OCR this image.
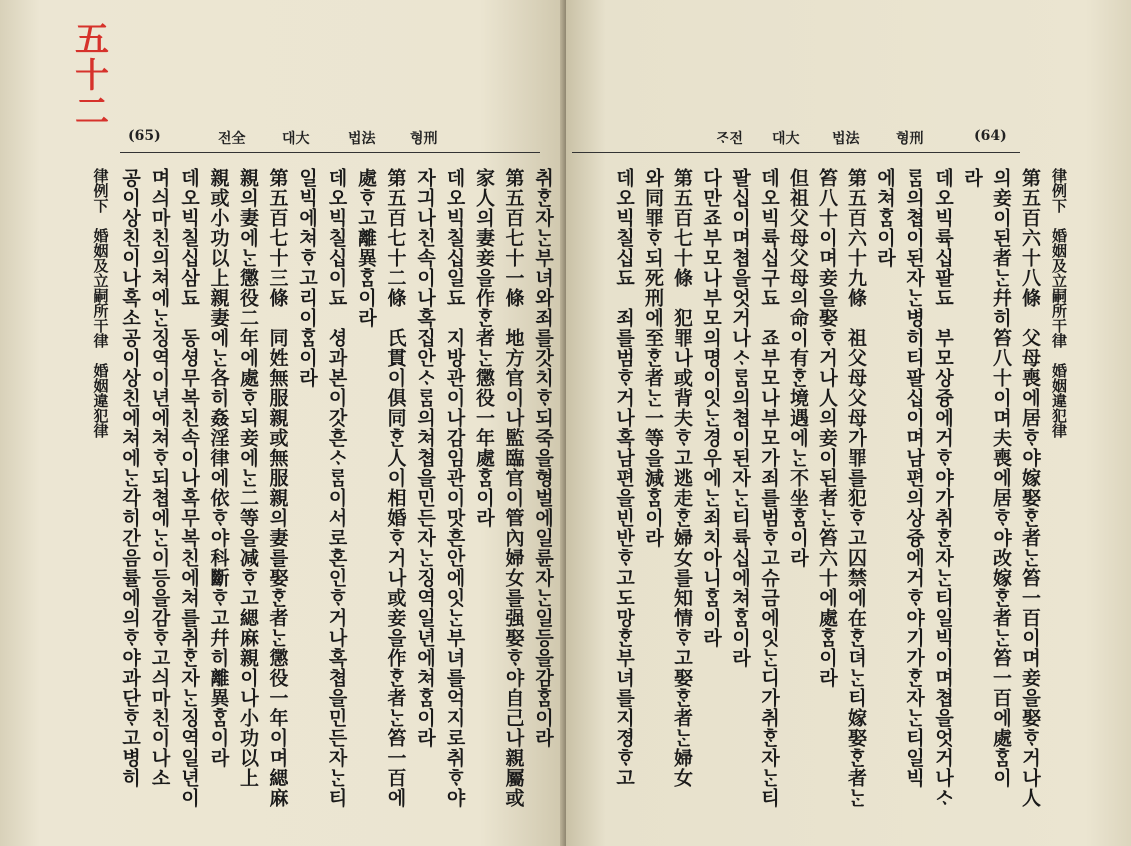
五十二
(65)	전全	대大	법法 형刑
취ᄒᆞᆫ자ᄂᆞᆫ부녀와죄를갓치ᄒᆞ되죽을형벌에일륜자ᄂᆞᆫ일등을감ᄒᆞᆷ이라
第五百七十一條　地方官이나監臨官이管內婦女를强娶ᄒᆞ야自己나親屬或
家人의妻妾을作ᄒᆞᆫ者ᄂᆞᆫ懲役一年處ᄒᆞᆷ이라
데오빅칠십일됴　지방관이나감임관이맛흔안에잇ᄂᆞᆫ부녀를억지로취ᄒᆞ야
자긔나친속이나혹집안ᄉᆞᄅᆞᆷ의쳐쳡을민든자ᄂᆞᆫ징역일년에쳐ᄒᆞᆷ이라
第五百七十二條　氏貫이俱同ᄒᆞᆫ人이相婚ᄒᆞ거나或妾을作ᄒᆞᆫ者ᄂᆞᆫ笞一百에
處ᄒᆞ고離異ᄒᆞᆷ이라
데오빅칠십이됴　셩과본이갓흔ᄉᆞᄅᆞᆷ이서로혼인ᄒᆞ거나혹쳡을민든자ᄂᆞᆫ티
일빅에쳐ᄒᆞ고리이ᄒᆞᆷ이라
第五百七十三條　同姓無服親或無服親의妻를娶ᄒᆞᆫ者ᄂᆞᆫ懲役一年이며緦麻
親의妻에ᄂᆞᆫ懲役二年에處ᄒᆞ되妾에ᄂᆞᆫ二等을减ᄒᆞ고緦麻親이나小功以上
親或小功以上親妻에ᄂᆞᆫ各히姦淫律에依ᄒᆞ야科斷ᄒᆞ고幷히離異ᄒᆞᆷ이라
데오빅칠십삼됴　동셩무복친속이나혹무복친에쳐를취ᄒᆞᆫ자ᄂᆞᆫ징역일년이
며싀마친의쳐에ᄂᆞᆫ징역이년에쳐ᄒᆞ되쳡에ᄂᆞᆫ이등을감ᄒᆞ고싀마친이나소
공이상친이나혹소공이상친에쳐에ᄂᆞᆫ각히간음률에의ᄒᆞ야과단ᄒᆞ고병히
律例下　婚姻及立嗣所干律　婚姻違犯律
ᄌᆞ전 대大 법法	형刑	(64)
律例下　婚姻及立嗣所干律　婚姻違犯律
第五百六十八條　父母喪에居ᄒᆞ야嫁娶ᄒᆞᆫ者ᄂᆞᆫ笞一百이며妾을娶ᄒᆞ거나人
의妾이된者ᄂᆞᆫ幷히笞八十이며夫喪에居ᄒᆞ야改嫁ᄒᆞᆫ者ᄂᆞᆫ笞一百에處ᄒᆞᆷ이
라
데오빅륙십팔됴　부모상즁에거ᄒᆞ야가취ᄒᆞᆫ자ᄂᆞᆫ티일빅이며쳡을엇거나ᄉᆞ
ᄅᆞᆷ의쳡이된자ᄂᆞᆫ병히티팔십이며남편의상즁에거ᄒᆞ야기가ᄒᆞᆫ자ᄂᆞᆫ티일빅
에쳐ᄒᆞᆷ이라
第五百六十九條　祖父母父母가罪를犯ᄒᆞ고囚禁에在ᄒᆞᆫ뎌ᄂᆞᆫ티嫁娶ᄒᆞᆫ者ᄂᆞᆫ
笞八十이며妾을娶ᄒᆞ거나人의妾이된者ᄂᆞᆫ笞六十에處ᄒᆞᆷ이라
但祖父母父母의命이有ᄒᆞᆫ境遇에ᄂᆞᆫ不坐ᄒᆞᆷ이라
데오빅륙십구됴　죠부모나부모가죄를범ᄒᆞ고슈금에잇ᄂᆞᆫ디가취ᄒᆞᆫ자ᄂᆞᆫ티
팔십이며쳡을엇거나ᄉᆞᄅᆞᆷ의쳡이된자ᄂᆞᆫ티륙십에쳐ᄒᆞᆷ이라
다만죠부모나부모의명이잇ᄂᆞᆫ경우에ᄂᆞᆫ죄치아니ᄒᆞᆷ이라
第五百七十條　犯罪나或背夫ᄒᆞ고逃走ᄒᆞᆫ婦女를知情ᄒᆞ고娶ᄒᆞᆫ者ᄂᆞᆫ婦女
와同罪ᄒᆞ되死刑에至ᄒᆞᆫ者ᄂᆞᆫ一等을減ᄒᆞᆷ이라
데오빅칠십됴　죄를범ᄒᆞ거나혹남편을빈반ᄒᆞ고도망ᄒᆞᆫ부녀를지졍ᄒᆞ고
